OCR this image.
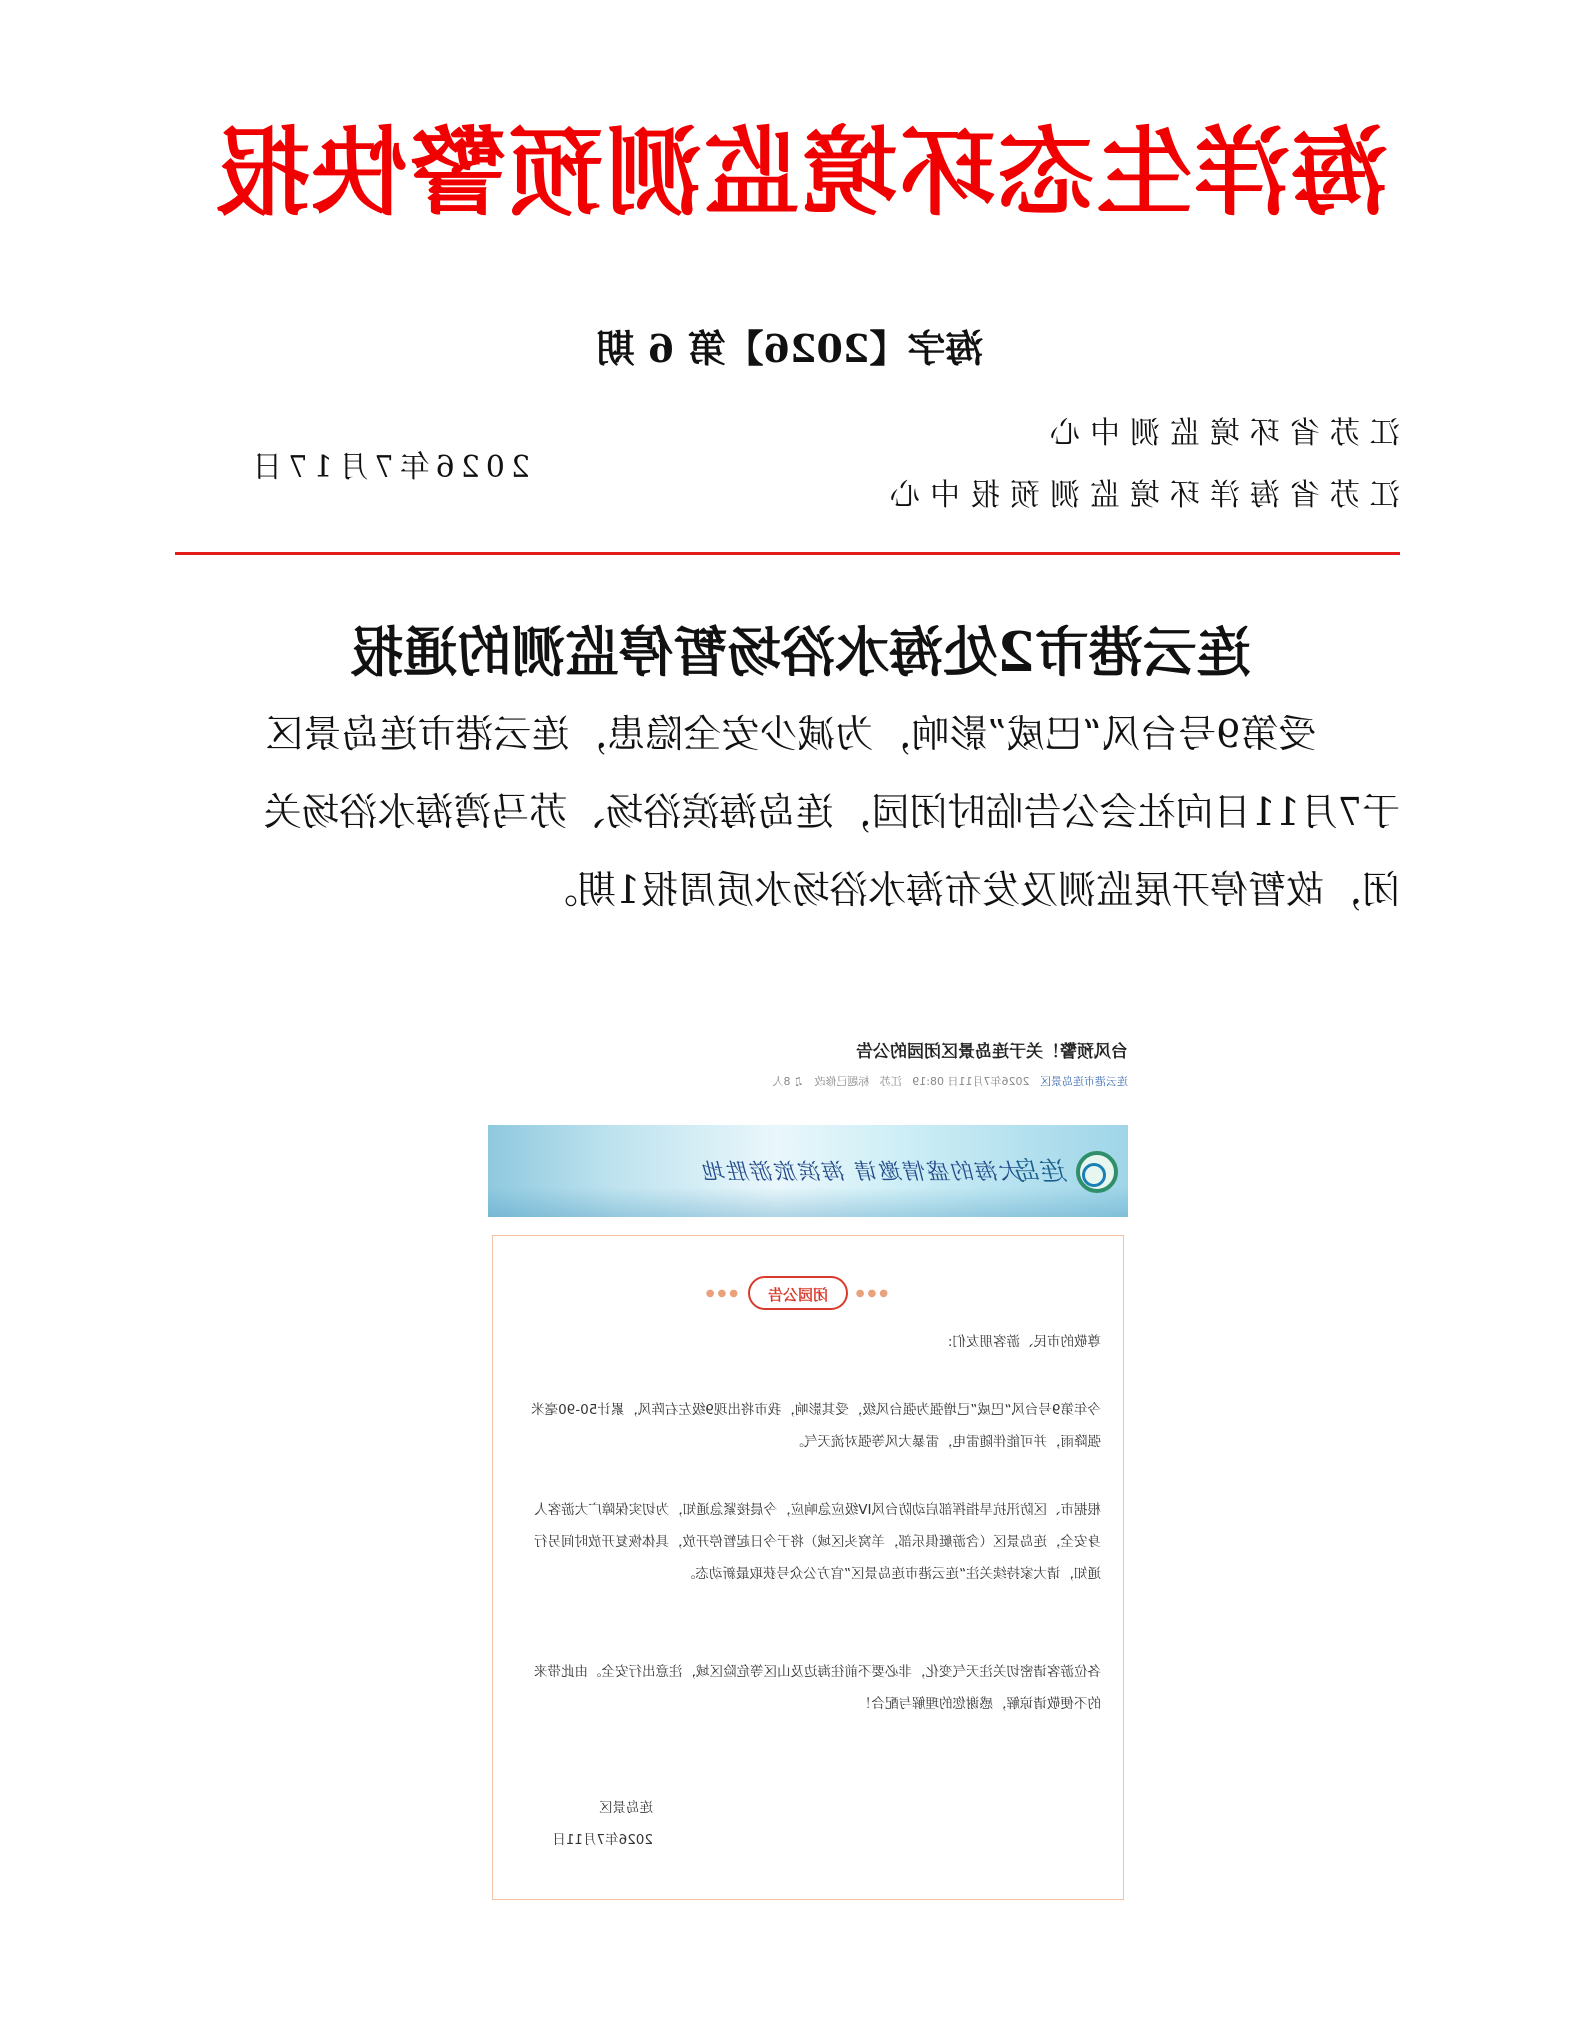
海洋生态环境监测预警快报
海字【2026】第 6 期
江苏省环境监测中心
江苏省海洋环境监测预报中心
2026年7月17日
连云港市2处海水浴场暂停监测的通报

受第9号台风“巴威”影响，为减少安全隐患，连云港市连岛景区于7月11日向社会公告临时闭园，连岛海滨浴场、苏马湾海水浴场关闭，故暂停开展监测及发布海水浴场水质周报1期。

台风预警！关于连岛景区闭园的公告
连云港市连岛景区   2026年7月11日 08:19   江苏   标题已修改   ♫ 8人
连岛
大海的盛情邀请 海滨旅游胜地
●●●
闭园公告
●●●

尊敬的市民、游客朋友们:

今年第9号台风“巴威”已增强为强台风级，受其影响，我市将出现9级左右阵风，累计50-90毫米强降雨，并可能伴随雷电，雷暴大风等强对流天气。

根据市、区防汛抗旱指挥部启动防台风IV级应急响应，今晨接紧急通知，为切实保障广大游客人身安全，连岛景区（含游艇俱乐部，羊窝头区域）将于今日起暂停开放，具体恢复开放时间另行通知，请大家持续关注“连云港市连岛景区”官方公众号获取最新动态。

各位游客请密切关注天气变化，非必要不前往海边及山区等危险区域，注意出行安全。由此带来的不便敬请谅解，感谢您的理解与配合！

连岛景区
2026年7月11日
